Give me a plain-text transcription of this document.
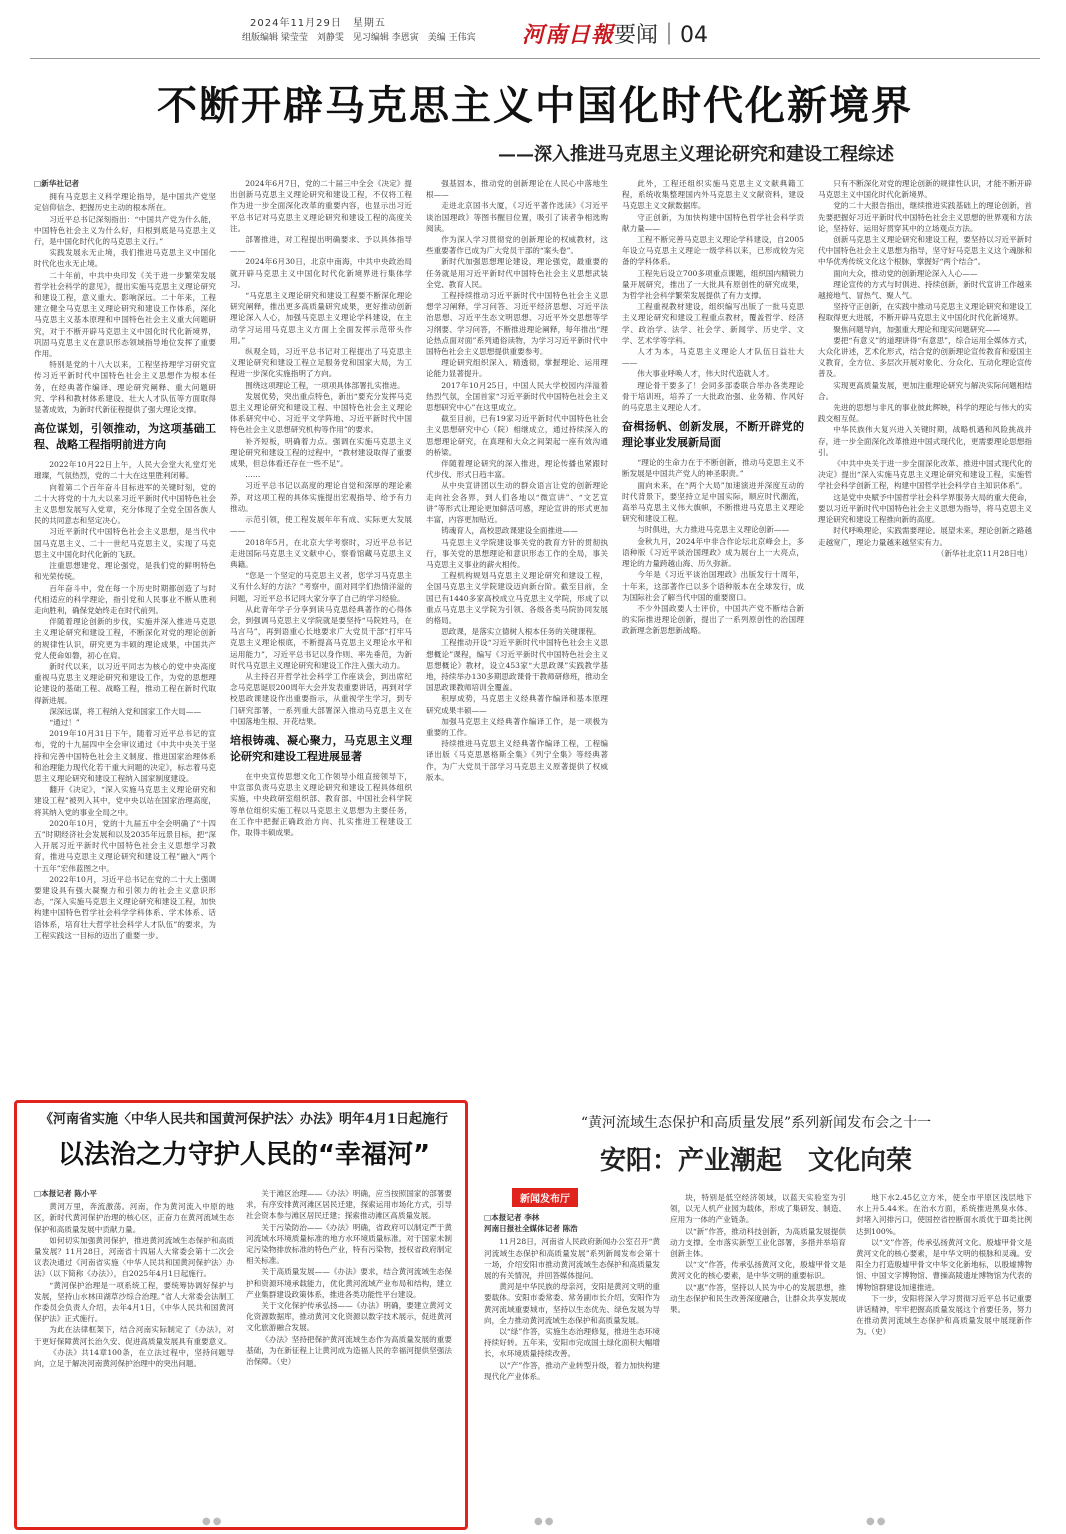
2024年11月29日　星期五
组版编辑 梁莹莹　刘静雯　见习编辑 李恩寅　美编 王伟宾 河南日報 要闻｜04
不断开辟马克思主义中国化时代化新境界
——深入推进马克思主义理论研究和建设工程综述

□新华社记者

拥有马克思主义科学理论指导，是中国共产党坚定信仰信念、把握历史主动的根本所在。

习近平总书记深刻指出：“中国共产党为什么能，中国特色社会主义为什么好，归根到底是马克思主义行，是中国化时代化的马克思主义行。”

实践发展永无止境，我们推进马克思主义中国化时代化也永无止境。

二十年前，中共中央印发《关于进一步繁荣发展哲学社会科学的意见》，提出实施马克思主义理论研究和建设工程，意义重大、影响深远。二十年来，工程建立健全马克思主义理论研究和建设工作体系，深化马克思主义基本原理和中国特色社会主义重大问题研究，对于不断开辟马克思主义中国化时代化新境界，巩固马克思主义在意识形态领域指导地位发挥了重要作用。

特别是党的十八大以来，工程坚持理学习研究宣传习近平新时代中国特色社会主义思想作为根本任务，在经典著作编译、理论研究阐释、重大问题研究、学科和教材体系建设、壮大人才队伍等方面取得显著成效，为新时代新征程提供了强大理论支撑。

高位谋划，引领推动，为这项基础工程、战略工程指明前进方向

2022年10月22日上午，人民大会堂大礼堂灯光璀璨，气氛热烈，党的二十大在这里胜利闭幕。

向着第二个百年奋斗目标进军的关键时刻，党的二十大将党的十九大以来习近平新时代中国特色社会主义思想发展写入党章，充分体现了全党全国各族人民的共同意志和坚定决心。

习近平新时代中国特色社会主义思想，是当代中国马克思主义、二十一世纪马克思主义，实现了马克思主义中国化时代化新的飞跃。

注重思想建党、理论强党，是我们党的鲜明特色和光荣传统。

百年奋斗中，党在每一个历史时期都创造了与时代相适应的科学理论，指引党和人民事业不断从胜利走向胜利，确保党始终走在时代前列。

伴随着理论创新的步伐，实施并深入推进马克思主义理论研究和建设工程，不断深化对党的理论创新的规律性认识，研究更为丰硕的理论成果，中国共产党人使命如磐，初心在肩。

新时代以来，以习近平同志为核心的党中央高度重视马克思主义理论研究和建设工作，为党的思想理论建设的基础工程、战略工程，推动工程在新时代取得新进展。

深深远谋，将工程纳入党和国家工作大局——

“通过！”

2019年10月31日下午，随着习近平总书记的宣布，党的十九届四中全会审议通过《中共中央关于坚持和完善中国特色社会主义制度、推进国家治理体系和治理能力现代化若干重大问题的决定》，标志着马克思主义理论研究和建设工程纳入国家制度建设。

翻开《决定》，“深入实施马克思主义理论研究和建设工程”被列入其中，党中央以站在国家治理高度，将其纳入党的事业全局之中。

2020年10月，党的十九届五中全会明确了“十四五”时期经济社会发展和以及2035年远景目标，把“深入开展习近平新时代中国特色社会主义思想学习教育，推进马克思主义理论研究和建设工程”融入“两个十五年”宏伟蓝图之中。

2022年10月，习近平总书记在党的二十大上强调要建设具有强大凝聚力和引领力的社会主义意识形态，“深入实施马克思主义理论研究和建设工程，加快构建中国特色哲学社会科学学科体系、学术体系、话语体系，培育壮大哲学社会科学人才队伍”的要求，为工程实践这一目标的迈出了重要一步。

2024年6月7日，党的二十届三中全会《决定》提出创新马克思主义理论研究和建设工程，不仅将工程作为进一步全面深化改革的重要内容，也显示出习近平总书记对马克思主义理论研究和建设工程的高度关注。

部署推进，对工程提出明确要求、予以具体指导——

2024年6月30日，北京中南海，中共中央政治局就开辟马克思主义中国化时代化新境界进行集体学习。

“马克思主义理论研究和建设工程要不断深化理论研究阐释，推出更多高质量研究成果，更好推动创新理论深入人心，加强马克思主义理论学科建设，在主动学习运用马克思主义方面上全面发挥示范带头作用。”

纵观全局，习近平总书记对工程提出了马克思主义理论研究和建设工程立足服务党和国家大局，为工程进一步深化实施指明了方向。

围绕这项理论工程，一项项具体部署扎实推进。

发展优势，突出重点特色，新出“要充分发挥马克思主义理论研究和建设工程、中国特色社会主义理论体系研究中心、习近平文学阵地、习近平新时代中国特色社会主义思想研究机构等作用”的要求。

补齐短板，明确着力点。强调在实施马克思主义理论研究和建设工程的过程中，“教材建设取得了重要成果，但总体看还存在一些不足”。

……

习近平总书记以高度的理论自觉和深厚的理论素养，对这项工程的具体实施提出宏观指导、给予有力推动。

示范引领，使工程发展年年有成、实际更大发展——

2018年5月，在北京大学考察时，习近平总书记走进国际马克思主义文献中心，察看馆藏马克思主义典籍。

“您是一个坚定的马克思主义者，您学习马克思主义有什么好的方法？”考察中，面对同学们热情洋溢的问题，习近平总书记同大家分享了自己的学习经验。

从此青年学子分享到读马克思经典著作的心得体会，到强调马克思主义学院就是要坚持“马院姓马，在马言马”，再到语重心长地要求广大党员干部“打牢马克思主义理论根底，不断提高马克思主义理论水平和运用能力”，习近平总书记以身作则、率先垂范，为新时代马克思主义理论研究和建设工作注入强大动力。

从主持召开哲学社会科学工作座谈会，到出席纪念马克思诞辰200周年大会并发表重要讲话，再到对学校思政课建设作出重要指示，从重视学生学习，到专门研究部署，一系列重大部署深入推动马克思主义在中国落地生根、开花结果。

培根铸魂、凝心聚力，马克思主义理论研究和建设工程进展显著

在中央宣传思想文化工作领导小组直接领导下，中宣部负责马克思主义理论研究和建设工程具体组织实施，中央政研室组织部、教育部、中国社会科学院等单位组织实施工程以马克思主义思想为主要任务，在工作中把握正确政治方向、扎实推进工程建设工作，取得丰硕成果。

强基固本，推动党的创新理论在人民心中落地生根——

走进北京国书大厦，《习近平著作选读》《习近平谈治国理政》等图书醒目位置，吸引了读者争相选购阅读。

作为深入学习贯彻党的创新理论的权威教材，这些重要著作已成为广大党员干部的“案头卷”。

新时代加强思想理论建设，理论强党，最重要的任务就是用习近平新时代中国特色社会主义思想武装全党、教育人民。

工程持续推动习近平新时代中国特色社会主义思想学习阐释，学习问答、习近平经济思想、习近平法治思想、习近平生态文明思想、习近平外交思想等学习纲要、学习问答，不断推进理论阐释，每年推出“理论热点面对面”系列通俗读物，为学习习近平新时代中国特色社会主义思想提供重要参考。

理论研究组织深入、精透彻，掌握理论、运用理论能力显著提升。

2017年10月25日，中国人民大学校园内洋溢着热烈气氛，全国首家“习近平新时代中国特色社会主义思想研究中心”在这里成立。

截至目前，已有19家习近平新时代中国特色社会主义思想研究中心（院）相继成立，通过持续深入的思想理论研究，在真理和大众之间架起一座有效沟通的桥梁。

伴随着理论研究的深入推进，理论传播也紧跟时代步伐、形式日趋丰富。

从中央宣讲团以生动的群众语言让党的创新理论走向社会各界，到人们各地以“微宣讲”、“文艺宣讲”等形式让理论更加鲜活可感，理论宣讲的形式更加丰富，内容更加贴近。

铸魂育人，高校思政课建设全面推进——

马克思主义学院建设事关党的教育方针的贯彻执行，事关党的思想理论和意识形态工作的全局，事关马克思主义事业的薪火相传。

工程机构规划马克思主义理论研究和建设工程，全国马克思主义学院建设迈向新台阶。截至目前，全国已有1440多家高校成立马克思主义学院，形成了以重点马克思主义学院为引领、各级各类马院协同发展的格局。

思政课，是落实立德树人根本任务的关键课程。

工程推动开设“习近平新时代中国特色社会主义思想概论”课程，编写《习近平新时代中国特色社会主义思想概论》教材，设立453家“大思政课”实践教学基地，持续举办130多期思政课骨干教师研修班，推动全国思政课教师培训全覆盖。

积厚成势，马克思主义经典著作编译和基本原理研究成果丰硕——

加强马克思主义经典著作编译工作，是一项极为重要的工作。

持续推进马克思主义经典著作编译工程，工程编译出版《马克思恩格斯全集》《列宁全集》等经典著作，为广大党员干部学习马克思主义原著提供了权威版本。

此外，工程还组织实施马克思主义文献典籍工程，系统收集整理国内外马克思主义文献资料，建设马克思主义文献数据库。

守正创新，为加快构建中国特色哲学社会科学贡献力量——

工程不断完善马克思主义理论学科建设，自2005年设立马克思主义理论一级学科以来，已形成较为完备的学科体系。

工程先后设立700多项重点课题，组织国内精锐力量开展研究，推出了一大批具有原创性的研究成果，为哲学社会科学繁荣发展提供了有力支撑。

工程重视教材建设，组织编写出版了一批马克思主义理论研究和建设工程重点教材，覆盖哲学、经济学、政治学、法学、社会学、新闻学、历史学、文学、艺术学等学科。

人才为本，马克思主义理论人才队伍日益壮大——

伟大事业呼唤人才，伟大时代造就人才。

理论骨干要多了！会同多部委联合举办各类理论骨干培训班，培养了一大批政治强、业务精、作风好的马克思主义理论人才。

奋楫扬帆、创新发展，不断开辟党的理论事业发展新局面

“理论的生命力在于不断创新，推动马克思主义不断发展是中国共产党人的神圣职责。”

面向未来，在“两个大局”加速演进并深度互动的时代背景下，要坚持立足中国实际，顺应时代潮流，高举马克思主义伟大旗帜，不断推进马克思主义理论研究和建设工程。

与时俱进，大力推进马克思主义理论创新——

金秋九月，2024年中非合作论坛北京峰会上，多语种版《习近平谈治国理政》成为展台上一大亮点，理论的力量跨越山海、历久弥新。

今年是《习近平谈治国理政》出版发行十周年，十年来，这部著作已以多个语种版本在全球发行，成为国际社会了解当代中国的重要窗口。

不少外国政要人士评价，中国共产党不断结合新的实际推进理论创新，提出了一系列原创性的治国理政新理念新思想新战略。

只有不断深化对党的理论创新的规律性认识，才能不断开辟马克思主义中国化时代化新境界。

党的二十大报告指出，继续推进实践基础上的理论创新，首先要把握好习近平新时代中国特色社会主义思想的世界观和方法论，坚持好、运用好贯穿其中的立场观点方法。

创新马克思主义理论研究和建设工程，要坚持以习近平新时代中国特色社会主义思想为指导，坚守好马克思主义这个魂脉和中华优秀传统文化这个根脉，掌握好“两个结合”。

面向大众，推动党的创新理论深入人心——

理论宣传的方式与时俱进、持续创新，新时代宣讲工作越来越接地气、冒热气、聚人气。

坚持守正创新，在实践中推动马克思主义理论研究和建设工程取得更大进展，不断开辟马克思主义中国化时代化新境界。

聚焦问题导向，加强重大理论和现实问题研究——

要把“有意义”的道理讲得“有意思”，综合运用全媒体方式，大众化讲述，艺术化形式，结合党的创新理论宣传教育和爱国主义教育，全方位、多层次开展对象化、分众化、互动化理论宣传普及。

实现更高质量发展，更加注重理论研究与解决实际问题相结合。

先进的思想与非凡的事业彼此辉映，科学的理论与伟大的实践交相互促。

中华民族伟大复兴进入关键时期，战略机遇和风险挑战并存，进一步全面深化改革推进中国式现代化，更需要理论思想指引。

《中共中央关于进一步全面深化改革、推进中国式现代化的决定》提出“深入实施马克思主义理论研究和建设工程，实施哲学社会科学创新工程，构建中国哲学社会科学自主知识体系”。

这是党中央赋予中国哲学社会科学界服务大局的重大使命，要以习近平新时代中国特色社会主义思想为指导，将马克思主义理论研究和建设工程推向新的高度。

时代呼唤理论，实践需要理论。展望未来，理论创新之路越走越宽广，理论力量越来越坚实有力。

（新华社北京11月28日电）

《河南省实施〈中华人民共和国黄河保护法〉办法》明年4月1日起施行
以法治之力守护人民的“幸福河”

□本报记者 陈小平

黄河万里，奔流激荡。河南，作为黄河流入中原的地区，新时代黄河保护治理的核心区，正奋力在黄河流域生态保护和高质量发展中贡献力量。

如何切实加强黄河保护，推进黄河流域生态保护和高质量发展？11月28日，河南省十四届人大常委会第十二次会议表决通过《河南省实施〈中华人民共和国黄河保护法〉办法》（以下简称《办法》），自2025年4月1日起施行。

“黄河保护治理是一项系统工程，要统筹协调好保护与发展，坚持山水林田湖草沙综合治理。”省人大常委会法制工作委员会负责人介绍，去年4月1日，《中华人民共和国黄河保护法》正式施行。

为此在法律框架下，结合河南实际制定了《办法》，对于更好保障黄河长治久安、促进高质量发展具有重要意义。

《办法》共14章100条，在立法过程中，坚持问题导向，立足于解决河南黄河保护治理中的突出问题。

关于滩区治理——《办法》明确，应当按照国家的部署要求，有序安排黄河滩区居民迁建，探索运用市场化方式，引导社会资本参与滩区居民迁建；探索推动滩区高质量发展。

关于污染防治——《办法》明确，省政府可以制定严于黄河流域水环境质量标准的地方水环境质量标准。对于国家未制定污染物排放标准的特色产业，特有污染物，授权省政府制定相关标准。

关于高质量发展——《办法》要求，结合黄河流域生态保护和资源环境承载能力，优化黄河流域产业布局和结构，建立产业集群建设政策体系，推进各类功能性平台建设。

关于文化保护传承弘扬——《办法》明确，要建立黄河文化资源数据库，推动黄河文化资源以数字技术展示，促进黄河文化旅游融合发展。

《办法》坚持把保护黄河流域生态作为高质量发展的重要基础，为在新征程上让黄河成为造福人民的幸福河提供坚强法治保障。（史）

“黄河流域生态保护和高质量发展”系列新闻发布会之十一
安阳：产业潮起　文化向荣
新闻发布厅

□本报记者 李林
河南日报社全媒体记者 陈浩

11月28日，河南省人民政府新闻办公室召开“黄河流域生态保护和高质量发展”系列新闻发布会第十一场，介绍安阳市推动黄河流域生态保护和高质量发展的有关情况，并回答媒体提问。

黄河是中华民族的母亲河，安阳是黄河文明的重要载体。安阳市委常委、常务副市长介绍，安阳作为黄河流域重要城市，坚持以生态优先、绿色发展为导向，全力推动黄河流域生态保护和高质量发展。

以“绿”作答，实施生态治理修复，推进生态环境持续好转。五年来，安阳市完成国土绿化面积大幅增长，水环境质量持续改善。

以“产”作答，推动产业转型升级，着力加快构建现代化产业体系。

块，特别是低空经济领域，以蓝天实验室为引领，以无人机产业园为载体，形成了集研发、制造、应用为一体的产业链条。

以“新”作答，推动科技创新，为高质量发展提供动力支撑。全市落实新型工业化部署，多措并举培育创新主体。

以“文”作答，传承弘扬黄河文化，殷墟甲骨文是黄河文化的核心要素，是中华文明的重要标识。

以“惠”作答，坚持以人民为中心的发展思想，推动生态保护和民生改善深度融合，让群众共享发展成果。

地下水2.45亿立方米，使全市平原区浅层地下水上升5.44米。在治水方面，系统推进黑臭水体、封堵入河排污口，使国控省控断面水质优于Ⅲ类比例达到100%。

以“文”作答，传承弘扬黄河文化。殷墟甲骨文是黄河文化的核心要素，是中华文明的根脉和灵魂。安阳全力打造殷墟甲骨文中华文化新地标，以殷墟博物馆、中国文字博物馆、曹操高陵遗址博物馆为代表的博物馆群建设加速推进。

下一步，安阳将深入学习贯彻习近平总书记重要讲话精神，牢牢把握高质量发展这个首要任务，努力在推动黄河流域生态保护和高质量发展中展现新作为。（史）

●●	●●	●●
